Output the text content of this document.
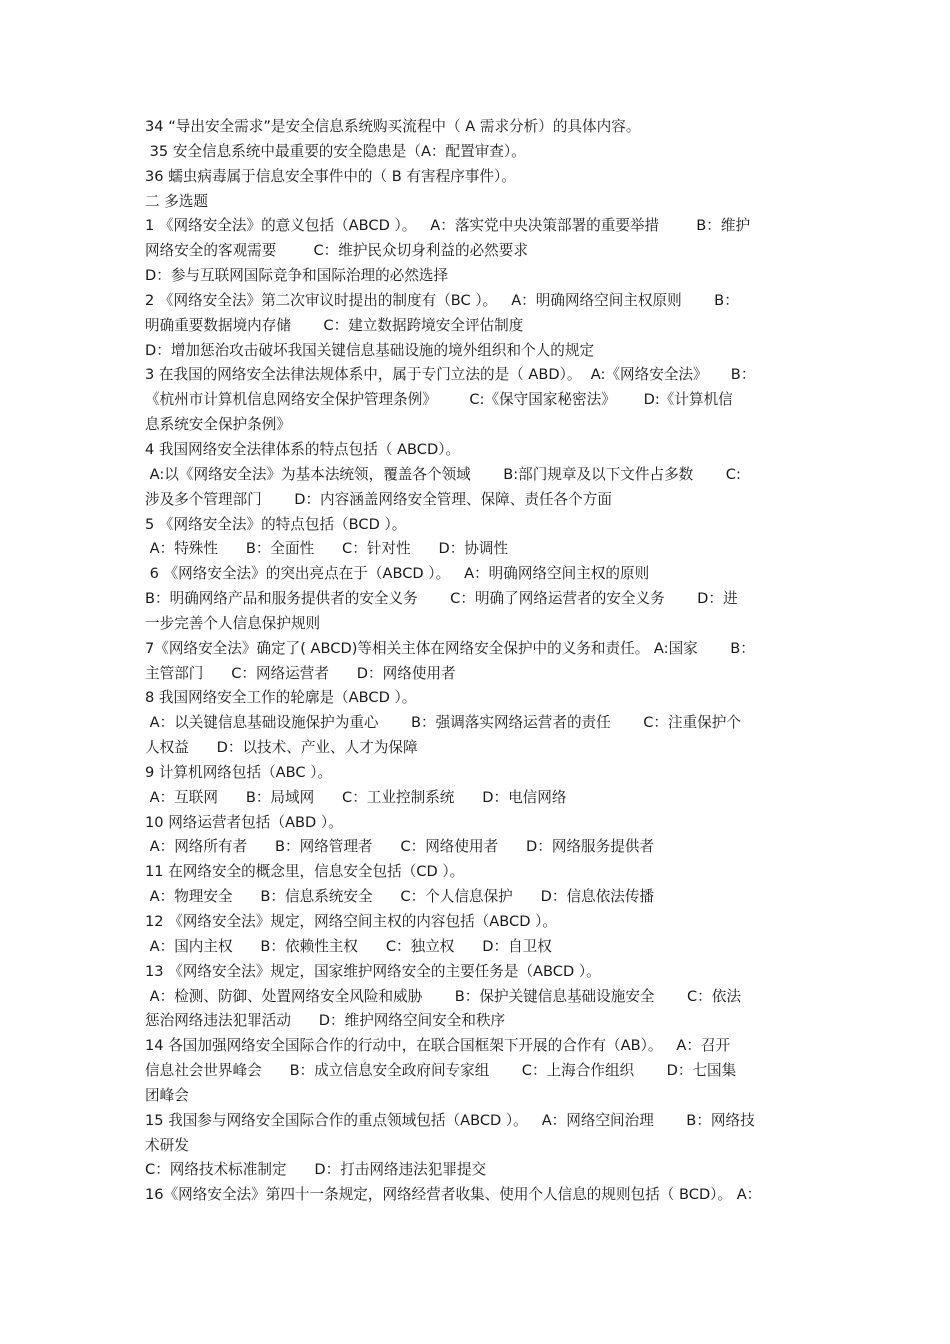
34 “导出安全需求”是安全信息系统购买流程中（ A 需求分析）的具体内容。
35 安全信息系统中最重要的安全隐患是（A：配置审查）。
36 蠕虫病毒属于信息安全事件中的（ B 有害程序事件）。
二 多选题
1 《网络安全法》的意义包括（ABCD ）。   A：落实党中央决策部署的重要举措        B：维护
网络安全的客观需要        C：维护民众切身利益的必然要求
D：参与互联网国际竞争和国际治理的必然选择
2 《网络安全法》第二次审议时提出的制度有（BC ）。   A：明确网络空间主权原则       B：
明确重要数据境内存储       C：建立数据跨境安全评估制度
D：增加惩治攻击破坏我国关键信息基础设施的境外组织和个人的规定
3 在我国的网络安全法律法规体系中，属于专门立法的是（ ABD）。  A:《网络安全法》     B：
《杭州市计算机信息网络安全保护管理条例》       C:《保守国家秘密法》      D:《计算机信
息系统安全保护条例》
4 我国网络安全法律体系的特点包括（ ABCD）。
A:以《网络安全法》为基本法统领，覆盖各个领域       B:部门规章及以下文件占多数       C:
涉及多个管理部门       D：内容涵盖网络安全管理、保障、责任各个方面
5 《网络安全法》的特点包括（BCD ）。
A：特殊性      B：全面性      C：针对性      D：协调性
6 《网络安全法》的突出亮点在于（ABCD ）。   A：明确网络空间主权的原则
B：明确网络产品和服务提供者的安全义务       C：明确了网络运营者的安全义务       D：进
一步完善个人信息保护规则
7《网络安全法》确定了( ABCD)等相关主体在网络安全保护中的义务和责任。 A:国家       B：
主管部门      C：网络运营者      D：网络使用者
8 我国网络安全工作的轮廓是（ABCD ）。
A：以关键信息基础设施保护为重心       B：强调落实网络运营者的责任       C：注重保护个
人权益      D：以技术、产业、人才为保障
9 计算机网络包括（ABC ）。
A：互联网      B：局域网      C：工业控制系统      D：电信网络
10 网络运营者包括（ABD ）。
A：网络所有者      B：网络管理者      C：网络使用者      D：网络服务提供者
11 在网络安全的概念里，信息安全包括（CD ）。
A：物理安全      B：信息系统安全      C：个人信息保护      D：信息依法传播
12 《网络安全法》规定，网络空间主权的内容包括（ABCD ）。
A：国内主权      B：依赖性主权      C：独立权      D：自卫权
13 《网络安全法》规定，国家维护网络安全的主要任务是（ABCD ）。
A：检测、防御、处置网络安全风险和威胁       B：保护关键信息基础设施安全       C：依法
惩治网络违法犯罪活动      D：维护网络空间安全和秩序
14 各国加强网络安全国际合作的行动中，在联合国框架下开展的合作有（AB）。   A：召开
信息社会世界峰会      B：成立信息安全政府间专家组       C：上海合作组织       D：七国集
团峰会
15 我国参与网络安全国际合作的重点领域包括（ABCD ）。   A：网络空间治理       B：网络技
术研发
C：网络技术标准制定      D：打击网络违法犯罪提交
16《网络安全法》第四十一条规定，网络经营者收集、使用个人信息的规则包括（ BCD）。 A：
